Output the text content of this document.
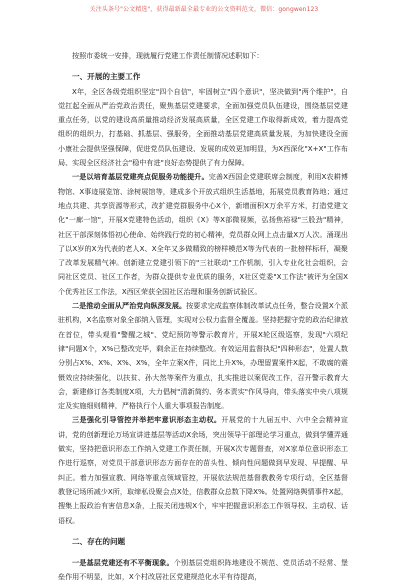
关注头条号"公文精选"，获得最新最全最专业的公文资料范文，微信：gongwen123

按照市委统一安排，现就履行党建工作责任制情况述职如下：

一、开展的主要工作

X年，全区各级党组织坚定"四个自信"，牢固树立"四个意识"，坚决做到"两个维护"，自觉扛起全面从严治党政治责任，聚焦基层党建要求，全面加强党员队伍建设，围绕基层党建重点任务，以党的建设高质量推动经济发展高质量，全区党建工作取得新成效，着力提高党组织的组织力，打基础、抓基层、强服务，全面推动基层党建高质量发展，为加快建设全面小康社会提供坚强保障，促进党员队伍建设、发展的成效更加明显，为X西深化"X+X"工作布局、实现全区经济社会"稳中有进"良好态势提供了有力保障。

一是以培育基层党建亮点促服务功能提升。完善X西国企党建联席会制度，利用X农耕博物馆、X事迹展览馆、涂树展馆等，建成多个开放式组织生活基地，拓展党员教育阵地；通过地点共建、共享资源等形式，改扩建党群服务中心X个，新增面积X万余平方米，打造党建文化"一廊一馆"，开展X党建特色活动，组织《X》等X部微视频，弘扬焦裕禄"三股劲"精神，社区干部深刻体悟初心使命、始终践行党的初心精神，党员群众网上点击量X万人次。涌现出了以X岁的X为代表的老人X、X全年又多做精致的榜样模范X等为代表的一批榜样标杆，凝聚了改革发展精气神。创新建立党建引领下的"三社联动"工作机制，引入专业化社会组织，会同社区党员、社区工作者，为群众提供专业优质的服务，X社区党委"X工作法"被评为全国X个优秀社区工作法，X西区荣获全国社区治理和服务创新试验区。

二是推动全面从严治党向纵深发展。按要求完成监察体制改革试点任务，整合设置X个派驻机构，X名监察对象全部纳入管理，实现对公权力监督全覆盖。坚持把握守党的政治纪律放在首位，带头观看"警醒之城"、党纪预防等警示教育片，开展X轮区级巡察，发现"六项纪律"问题X个，X%已整改完毕，剩余正在持续整改。有效运用监督执纪"四种形态"，处置人数分别占X%、X%、X%、X%，全年立案X件，同比上升X%，办理留置案件X起，不敢腐的震慑效应持续强化，以扶贫、孙大然等案件为重点，扎实推进以案促改工作，召开警示教育大会，新建修订各类制度X项，大力倡树"清新简约、务本责实"作风导向，带头落实中央八项规定及实施细则精神，严格执行个人重大事项报告制度。

三是强化引导管控并举把牢意识形态主动权。开展党的十九届五中、六中全会精神宣讲，党的创新理论万场宣讲进基层等活动X余场，突出领导干部理论学习重点，做到学懂弄通做实，坚持把意识形态工作纳入党建工作责任制，开展X次专题督查，对X家单位意识形态工作进行巡察，对党员干部意识形态方面存在的苗头性、倾向性问题做到早发现、早提醒、早纠正。着力加强宣教、网络等重点领域管控，开展依法规范基督教教务专项行动，全区基督教登记场所减少X所，取缔私设聚会点X处，信教群众总数下降X%。处置网络舆情事件X起，搜集上报政治有害信息X条，上报关闭违规X个，牢牢把握意识形态工作领导权、主动权、话语权。

二、存在的问题

一是基层党建还有不平衡现象。个别基层党组织阵地建设不规范、党员活动不经常、堡垒作用不明显，比如，X个村改居社区党建规范化水平有待提高，
